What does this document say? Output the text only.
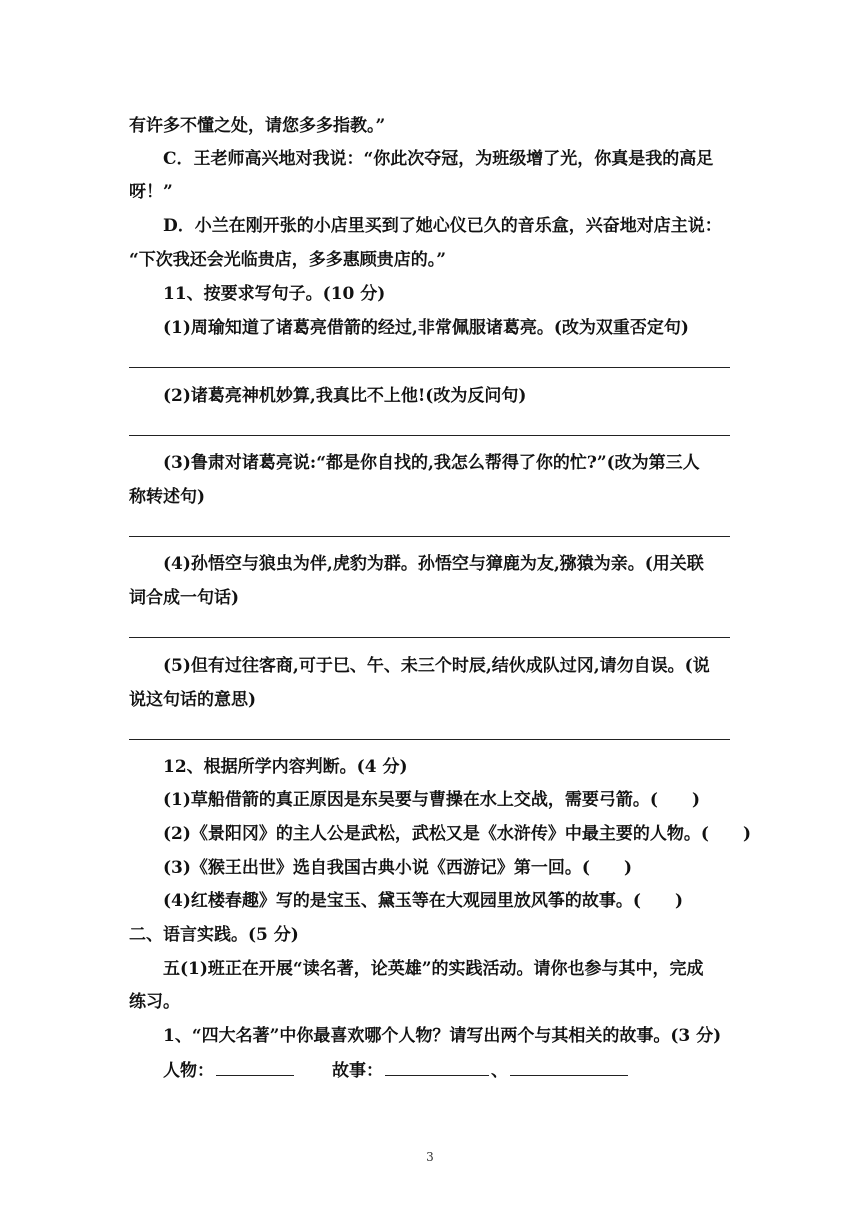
有许多不懂之处，请您多多指教。”
C．王老师高兴地对我说：“你此次夺冠，为班级增了光，你真是我的高足
呀！”
D．小兰在刚开张的小店里买到了她心仪已久的音乐盒，兴奋地对店主说：
“下次我还会光临贵店，多多惠顾贵店的。”
11、按要求写句子。(10 分)
(1)周瑜知道了诸葛亮借箭的经过,非常佩服诸葛亮。(改为双重否定句)
(2)诸葛亮神机妙算,我真比不上他!(改为反问句)
(3)鲁肃对诸葛亮说:“都是你自找的,我怎么帮得了你的忙?”(改为第三人
称转述句)
(4)孙悟空与狼虫为伴,虎豹为群。孙悟空与獐鹿为友,猕猿为亲。(用关联
词合成一句话)
(5)但有过往客商,可于巳、午、未三个时辰,结伙成队过冈,请勿自误。(说
说这句话的意思)
12、根据所学内容判断。(4 分)
(1)草船借箭的真正原因是东吴要与曹操在水上交战，需要弓箭。(　　)
(2)《景阳冈》的主人公是武松，武松又是《水浒传》中最主要的人物。(　　)
(3)《猴王出世》选自我国古典小说《西游记》第一回。(　　)
(4)红楼春趣》写的是宝玉、黛玉等在大观园里放风筝的故事。(　　)
二、语言实践。(5 分)
五(1)班正在开展“读名著，论英雄”的实践活动。请你也参与其中，完成
练习。
1、“四大名著”中你最喜欢哪个人物？请写出两个与其相关的故事。(3 分)
人物：	故事：	、
3
